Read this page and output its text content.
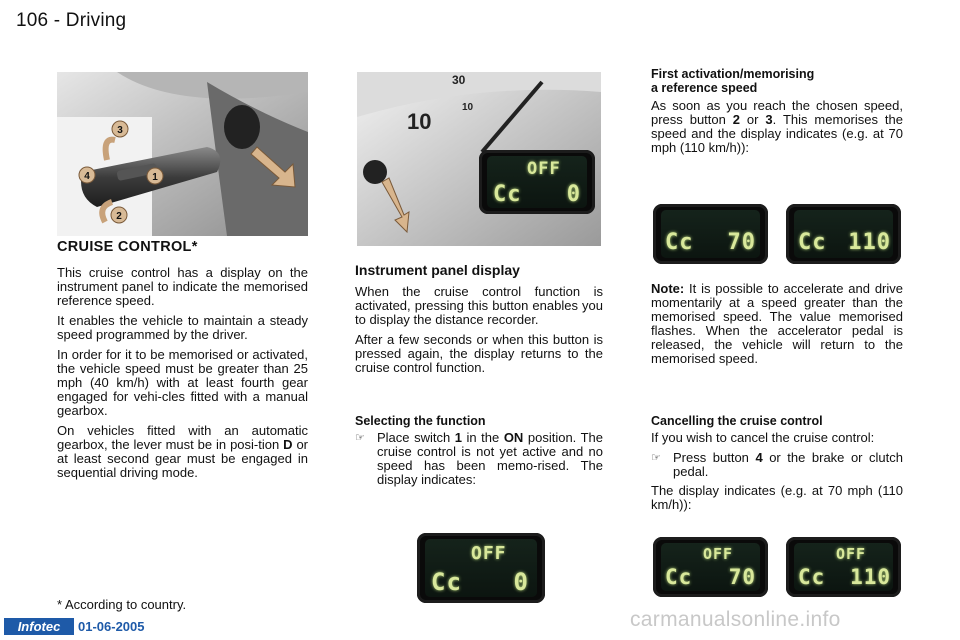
106 - Driving
3
4	1
2
30
10
10
OFF
Cc 0
CRUISE CONTROL*

This cruise control has a display on the instrument panel to indicate the memorised reference speed.

It enables the vehicle to maintain a steady speed programmed by the driver.

In order for it to be memorised or activated, the vehicle speed must be greater than 25 mph (40 km/h) with at least fourth gear engaged for vehi-cles fitted with a manual gearbox.

On vehicles fitted with an automatic gearbox, the lever must be in posi-tion D or at least second gear must be engaged in sequential driving mode.

* According to country.
Instrument panel display

When the cruise control function is activated, pressing this button enables you to display the distance recorder.

After a few seconds or when this button is pressed again, the display returns to the cruise control function.

Selecting the function
☞ Place switch 1 in the ON position. The cruise control is not yet active and no speed has been memo-rised. The display indicates:
OFF
Cc 0
First activation/memorising
a reference speed

As soon as you reach the chosen speed, press button 2 or 3. This memorises the speed and the display indicates (e.g. at 70 mph (110 km/h)):

Cc 70 Cc 110

Note: It is possible to accelerate and drive momentarily at a speed greater than the memorised speed. The value memorised flashes. When the accelerator pedal is released, the vehicle will return to the memorised speed.

Cancelling the cruise control

If you wish to cancel the cruise control:

☞ Press button 4 or the brake or clutch pedal.

The display indicates (e.g. at 70 mph (110 km/h)):

OFF
Cc 70
OFF
Cc 110
Infotec	01-06-2005	carmanualsonline.info
